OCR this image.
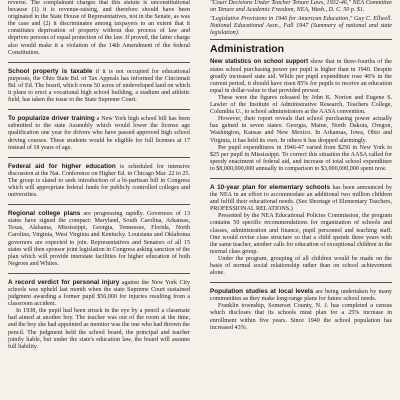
reverse. The complainant charges that this statute is unconstitutional because (1) it is revenue-raising, and therefore should have been originated in the State House of Representatives, not in the Senate, as was the case and (2) it discriminates among taxpayers to an extent that it constitutes deprivation of property without due process of law and deprives persons of equal protection of the law. If proved, the latter charge also would make it a violation of the 14th Amendment of the federal Constitution.

School property is taxable if it is not occupied for educational purposes, the Ohio State Bd. of Tax Appeals has informed the Cincinnati Bd. of Ed. The board, which owns 50 acres of undeveloped land on which it plans to erect a vocational high school building, a stadium and athletic field, has taken the issue to the State Supreme Court.

To popularize driver training a New York high school bill has been submitted to the state Assembly which would lower the license age qualification one year for drivers who have passed approved high school driving courses. These students would be eligible for full licenses at 17 instead of 18 years of age.

Federal aid for higher education is scheduled for intensive discussion at the Nat. Conference on Higher Ed. in Chicago Mar. 22 to 25. The group is slated to seek introduction of a bi-partisan bill in Congress which will appropriate federal funds for publicly controlled colleges and universities.

Regional college plans are progressing rapidly. Governors of 13 states have signed the compact: Maryland, South Carolina, Arkansas, Texas, Alabama, Mississippi, Georgia, Tennessee, Florida, North Carolina, Virginia, West Virginia and Kentucky. Louisiana and Oklahoma governors are expected to join. Representatives and Senators of all 15 states will then sponsor joint legislation in Congress asking sanction of the plan which will provide interstate facilities for higher education of both Negroes and Whites.

A record verdict for personal injury against the New York City schools was upheld last month when the state Supreme Court sustained judgment awarding a former pupil $56,000 for injuries resulting from a classroom accident.

In 1938, the pupil had been struck in the eye by a pencil a classmate had aimed at another boy. The teacher was out of the room at the time, and the boy she had appointed as monitor was the one who had thrown the pencil. The judgment held the school board, the principal and teacher jointly liable, but under the state's education law, the board will assume full liability.

"Court Decisions Under Teacher Tenure Laws, 1932-46," NEA Committee on Tenure and Academic Freedom, NEA, Wash., D. C. 50 p. $1.

"Legislative Provisions in 1946 for American Education," Guy C. Ellwell. National Educational Assn., Fall 1947 (Summary of national and state legislation).

Administration

New statistics on school support show that in three-fourths of the states school purchasing power per pupil is higher than in 1940. Despite greatly increased state aid. While per pupil expenditure rose 46% in the current period, it should have risen 85% for pupils to receive an education equal in dollar-value to that provided prewar.

These were the figures released by John K. Norton and Eugene S. Lawler of the Institute of Administrative Research, Teachers College, Columbia U., to school administrators at the AASA convention.

However, their report reveals that school purchasing power actually has gained in seven states: Georgia, Maine, North Dakota, Oregon, Washington, Kansas and New Mexico. In Arkansas, Iowa, Ohio and Virginia, it has held its own. In others it has dropped alarmingly.

Per pupil expenditures in 1946-47 varied from $256 in New York to $25 per pupil in Mississippi. To correct this situation the AASA called for speedy enactment of federal aid, and increase of total school expenditure to $8,000,000,000 annually in comparison to $3,000,000,000 spent now.

A 10-year plan for elementary schools has been announced by the NEA in an effort to accommodate an additional two million children and fulfill their educational needs. (See Shortage of Elementary Teachers, PROFESSIONAL RELATIONS.)

Presented by the NEA Educational Policies Commission, the program contains 50 specific recommendations for organization of schools and classes, administration and finance, pupil personnel and teaching staff. One would revise class structure so that a child spends three years with the same teacher, another calls for education of exceptional children in the normal class group.

Under the program, grouping of all children would be made on the basis of normal social relationship rather than on school achievement alone.

Population studies at local levels are being undertaken by many communities as they make long-range plans for future school needs.

Franklin township, Somerset County, N. J. has completed a census which discloses that its schools must plan for a 25% increase in enrollment within five years. Since 1940 the school population has increased 43%.
